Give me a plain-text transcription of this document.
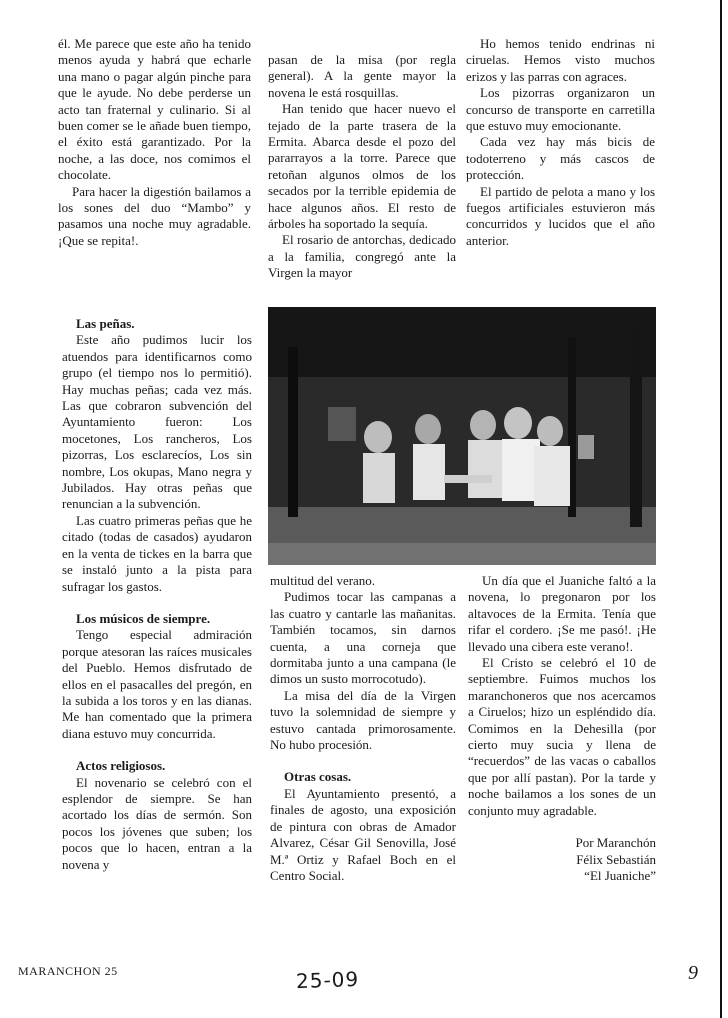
él. Me parece que este año ha tenido menos ayuda y habrá que echarle una mano o pagar algún pinche para que le ayude. No debe perderse un acto tan fraternal y culinario. Si al buen comer se le añade buen tiempo, el éxito está garantizado. Por la noche, a las doce, nos comimos el chocolate.

Para hacer la digestión bailamos a los sones del duo “Mambo” y pasamos una noche muy agradable. ¡Que se repita!.

pasan de la misa (por regla general). A la gente mayor la novena le está rosquillas.

Han tenido que hacer nuevo el tejado de la parte trasera de la Ermita. Abarca desde el pozo del pararrayos a la torre. Parece que retoñan algunos olmos de los secados por la terrible epidemia de hace algunos años. El resto de árboles ha soportado la sequía.

El rosario de antorchas, dedicado a la familia, congregó ante la Virgen la mayor

Ho hemos tenido endrinas ni ciruelas. Hemos visto muchos erizos y las parras con agraces.

Los pizorras organizaron un concurso de transporte en carretilla que estuvo muy emocionante.

Cada vez hay más bicis de todoterreno y más cascos de protección.

El partido de pelota a mano y los fuegos artificiales estuvieron más concurridos y lucidos que el año anterior.

Las peñas.

Este año pudimos lucir los atuendos para identificarnos como grupo (el tiempo nos lo permitió). Hay muchas peñas; cada vez más. Las que cobraron subvención del Ayuntamiento fueron: Los mocetones, Los rancheros, Los pizorras, Los esclarecíos, Los sin nombre, Los okupas, Mano negra y Jubilados. Hay otras peñas que renuncian a la subvención.

Las cuatro primeras peñas que he citado (todas de casados) ayudaron en la venta de tickes en la barra que se instaló junto a la pista para sufragar los gastos.

Los músicos de siempre.

Tengo especial admiración porque atesoran las raíces musicales del Pueblo. Hemos disfrutado de ellos en el pasacalles del pregón, en la subida a los toros y en las dianas. Me han comentado que la primera diana estuvo muy concurrida.

Actos religiosos.

El novenario se celebró con el esplendor de siempre. Se han acortado los días de sermón. Son pocos los jóvenes que suben; los pocos que lo hacen, entran a la novena y

multitud del verano.

Pudimos tocar las campanas a las cuatro y cantarle las mañanitas. También tocamos, sin darnos cuenta, a una corneja que dormitaba junto a una campana (le dimos un susto morrocotudo).

La misa del día de la Virgen tuvo la solemnidad de siempre y estuvo cantada primorosamente. No hubo procesión.

Otras cosas.

El Ayuntamiento presentó, a finales de agosto, una exposición de pintura con obras de Amador Alvarez, César Gil Senovilla, José M.ª Ortiz y Rafael Boch en el Centro Social.

Un día que el Juaniche faltó a la novena, lo pregonaron por los altavoces de la Ermita. Tenía que rifar el cordero. ¡Se me pasó!. ¡He llevado una cibera este verano!.

El Cristo se celebró el 10 de septiembre. Fuimos muchos los maranchoneros que nos acercamos a Ciruelos; hizo un espléndido día. Comimos en la Dehesilla (por cierto muy sucia y llena de “recuerdos” de las vacas o caballos que por allí pastan). Por la tarde y noche bailamos a los sones de un conjunto muy agradable.

Por Maranchón
Félix Sebastián
“El Juaniche”

MARANCHON 25	25-09	9
